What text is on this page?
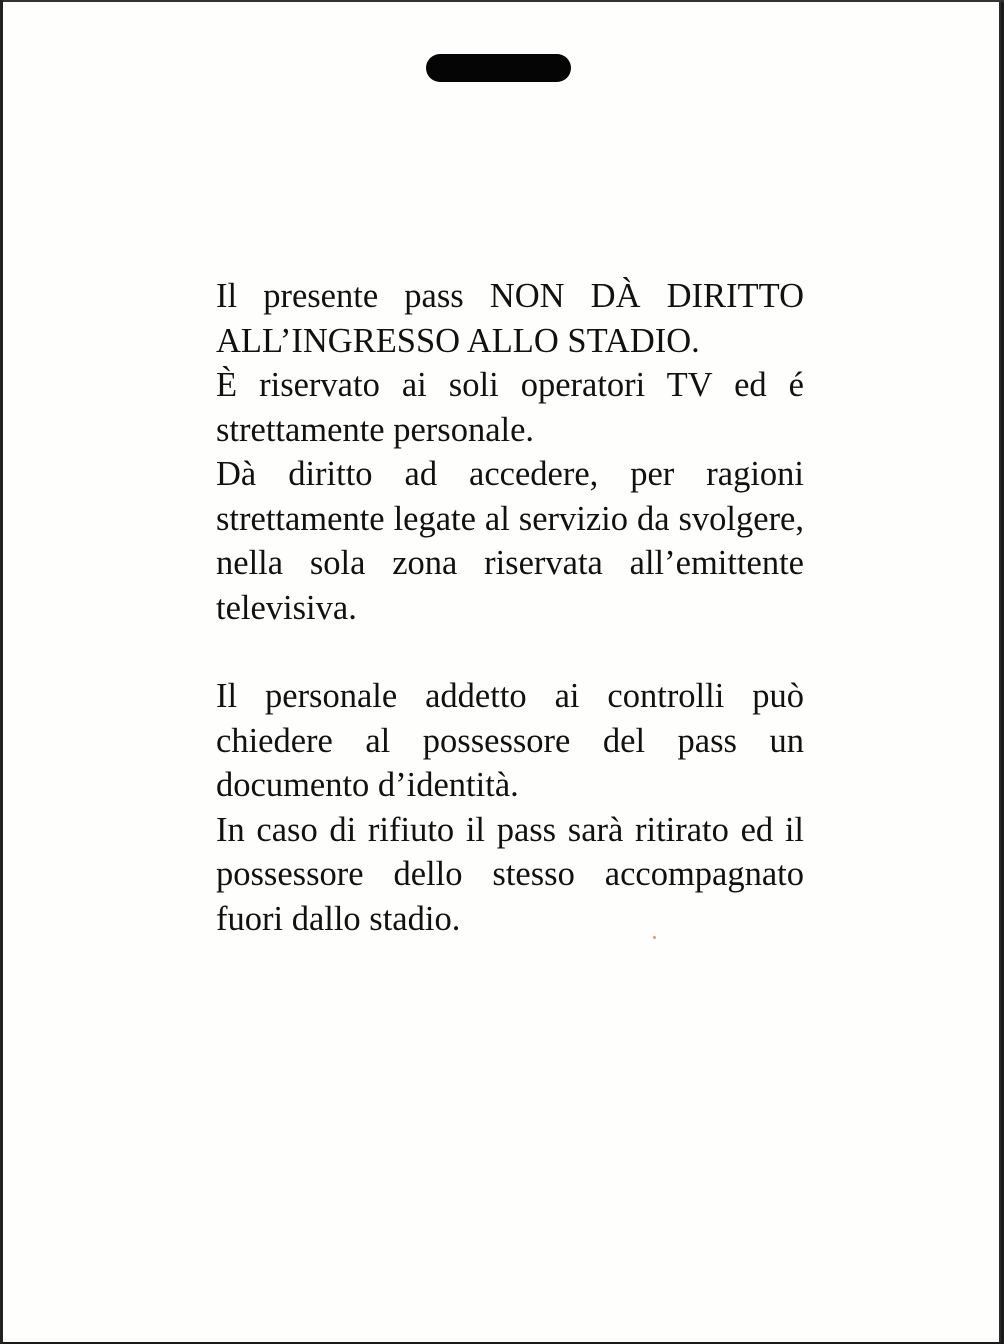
Il presente pass NON DÀ DIRITTO ALL’INGRESSO ALLO STADIO.

È riservato ai soli operatori TV ed é strettamente personale.

Dà diritto ad accedere, per ragioni strettamente legate al servizio da svolgere, nella sola zona riservata all’emittente televisiva.

Il personale addetto ai controlli può chiedere al possessore del pass un documento d’identità.

In caso di rifiuto il pass sarà ritirato ed il possessore dello stesso accompagnato fuori dallo stadio.
